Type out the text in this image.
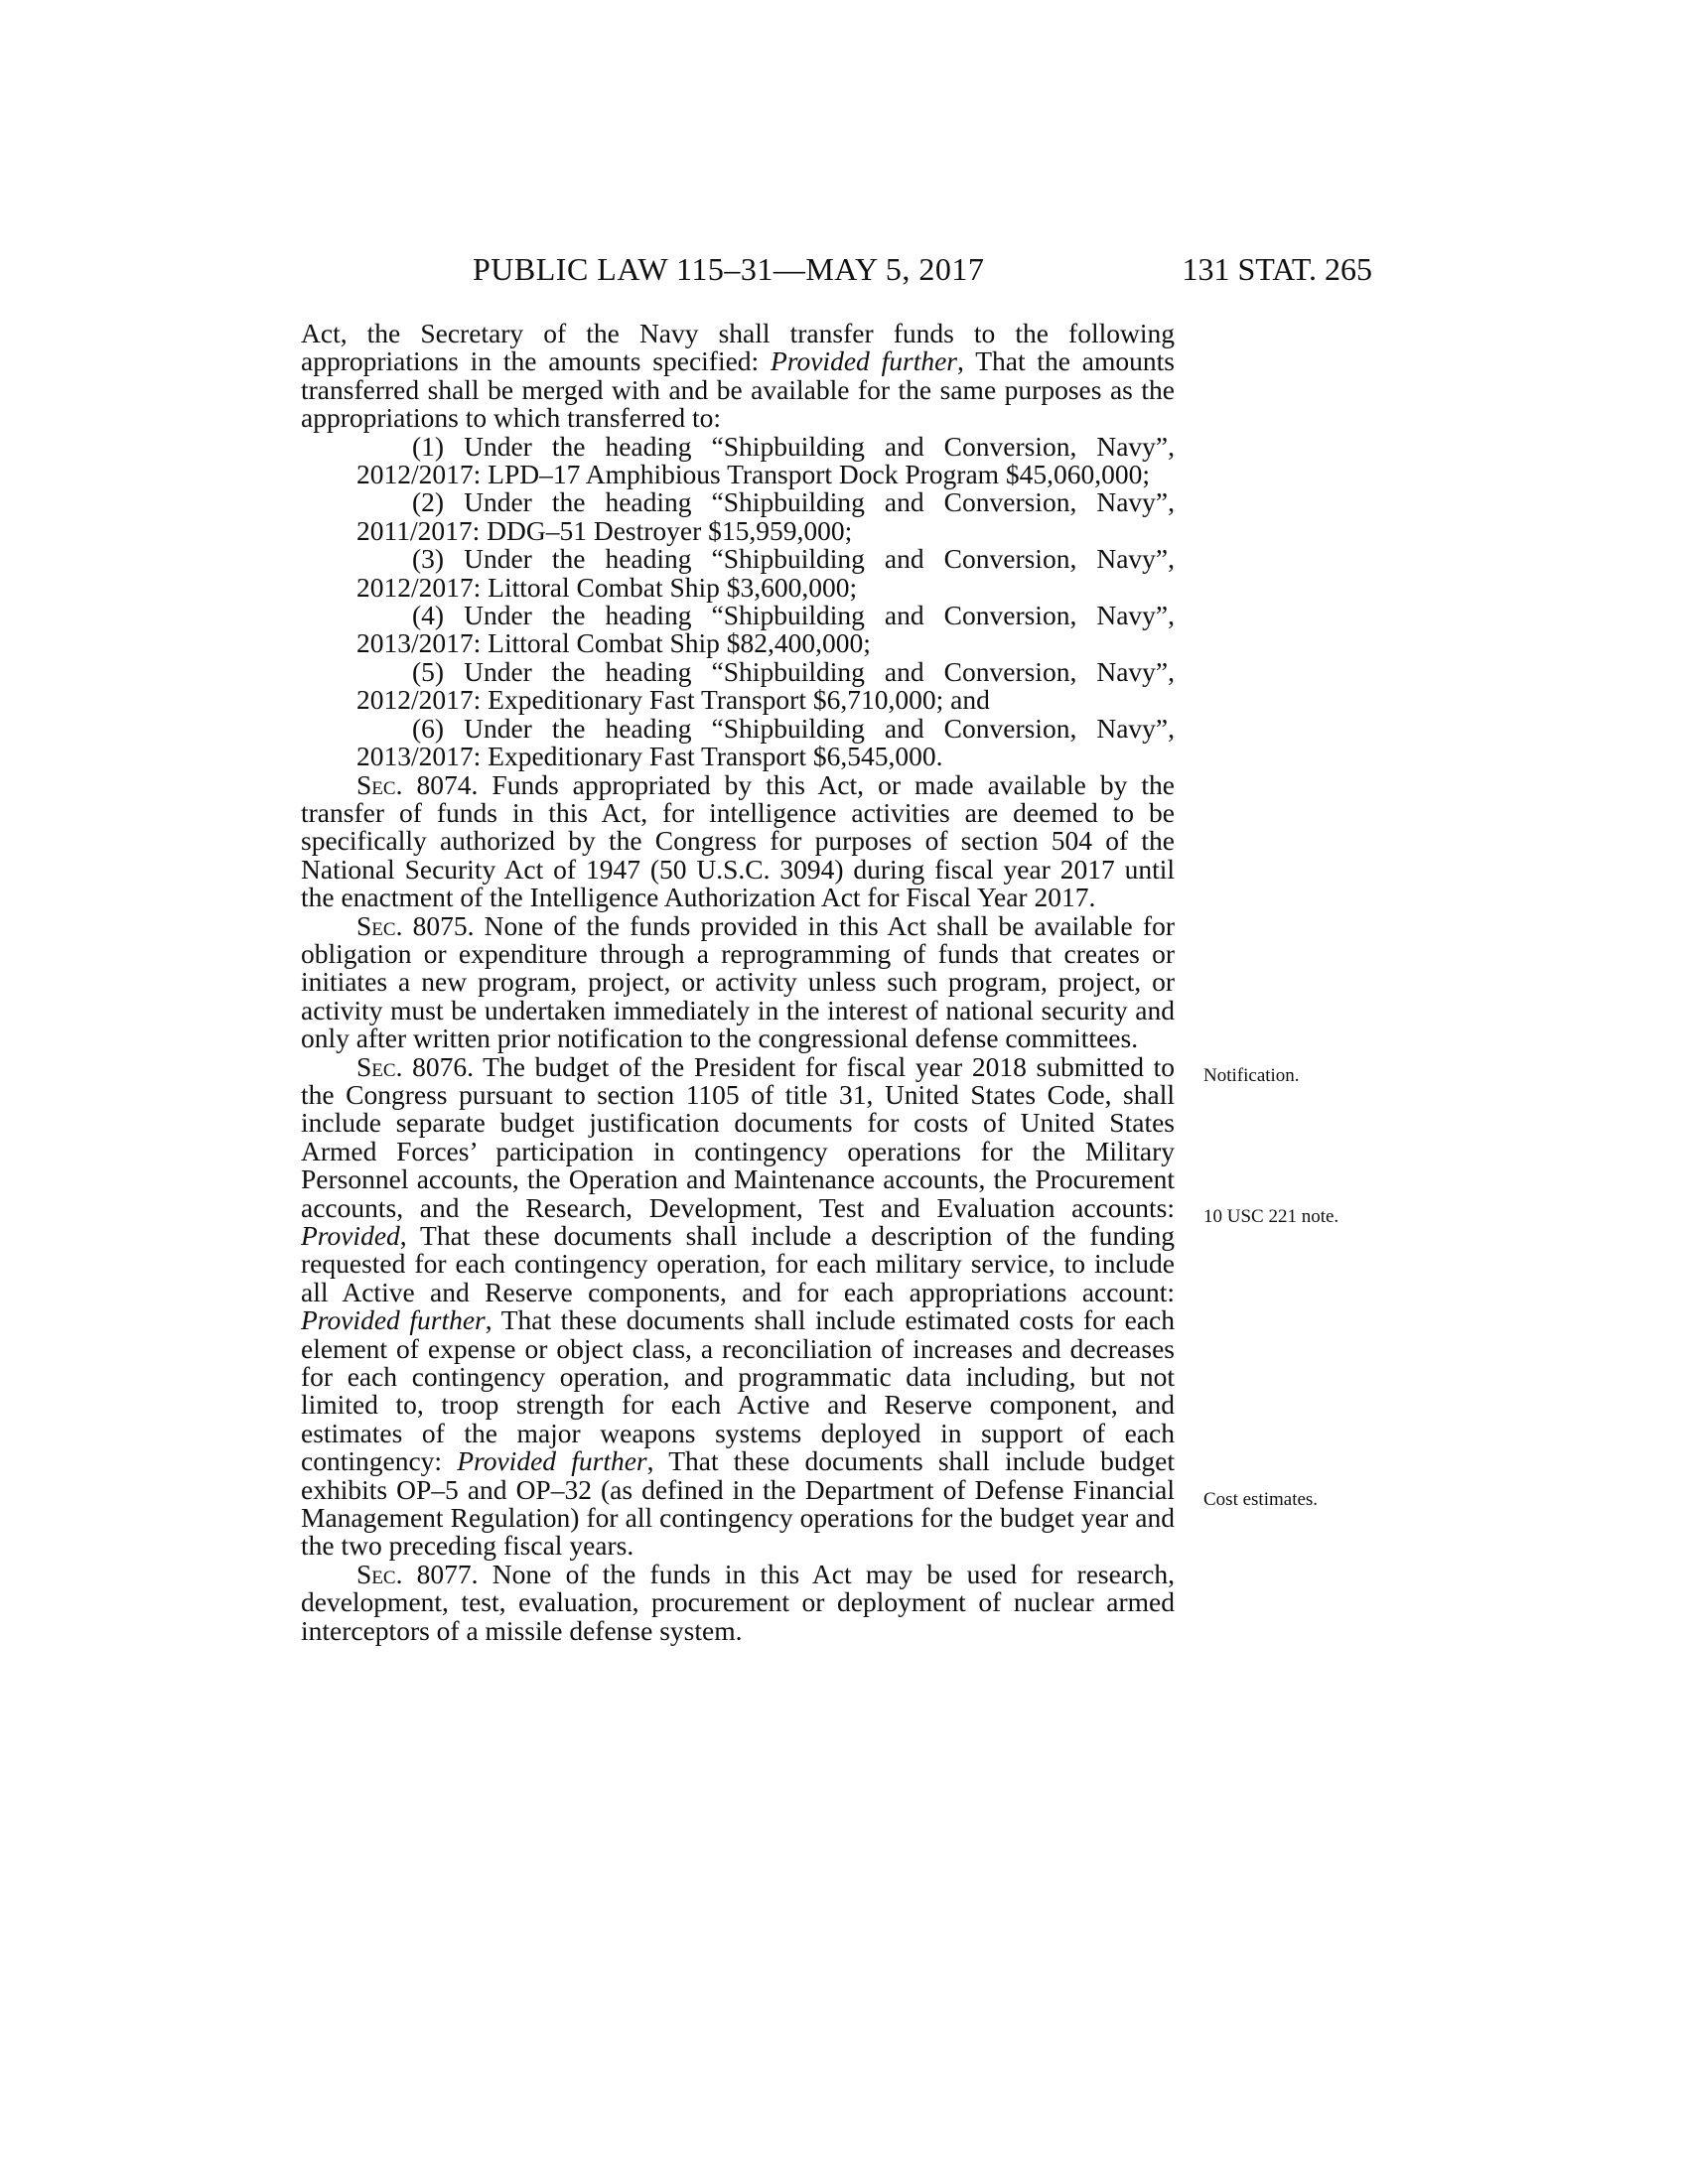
PUBLIC LAW 115–31—MAY 5, 2017	131 STAT. 265

Act, the Secretary of the Navy shall transfer funds to the following appropriations in the amounts specified: Provided further, That the amounts transferred shall be merged with and be available for the same purposes as the appropriations to which transferred to:

(1) Under the heading “Shipbuilding and Conversion, Navy”, 2012/2017: LPD–17 Amphibious Transport Dock Program $45,060,000;

(2) Under the heading “Shipbuilding and Conversion, Navy”, 2011/2017: DDG–51 Destroyer $15,959,000;

(3) Under the heading “Shipbuilding and Conversion, Navy”, 2012/2017: Littoral Combat Ship $3,600,000;

(4) Under the heading “Shipbuilding and Conversion, Navy”, 2013/2017: Littoral Combat Ship $82,400,000;

(5) Under the heading “Shipbuilding and Conversion, Navy”, 2012/2017: Expeditionary Fast Transport $6,710,000; and

(6) Under the heading “Shipbuilding and Conversion, Navy”, 2013/2017: Expeditionary Fast Transport $6,545,000.

Sec. 8074. Funds appropriated by this Act, or made available by the transfer of funds in this Act, for intelligence activities are deemed to be specifically authorized by the Congress for purposes of section 504 of the National Security Act of 1947 (50 U.S.C. 3094) during fiscal year 2017 until the enactment of the Intelligence Authorization Act for Fiscal Year 2017.

Sec. 8075. None of the funds provided in this Act shall be available for obligation or expenditure through a reprogramming of funds that creates or initiates a new program, project, or activity unless such program, project, or activity must be undertaken immediately in the interest of national security and only after written prior notification to the congressional defense committees.

Sec. 8076. The budget of the President for fiscal year 2018 submitted to the Congress pursuant to section 1105 of title 31, United States Code, shall include separate budget justification documents for costs of United States Armed Forces’ participation in contingency operations for the Military Personnel accounts, the Operation and Maintenance accounts, the Procurement accounts, and the Research, Development, Test and Evaluation accounts: Provided, That these documents shall include a description of the funding requested for each contingency operation, for each military service, to include all Active and Reserve components, and for each appropriations account: Provided further, That these documents shall include estimated costs for each element of expense or object class, a reconciliation of increases and decreases for each contingency operation, and programmatic data including, but not limited to, troop strength for each Active and Reserve component, and estimates of the major weapons systems deployed in support of each contingency: Provided further, That these documents shall include budget exhibits OP–5 and OP–32 (as defined in the Department of Defense Financial Management Regulation) for all contingency operations for the budget year and the two preceding fiscal years.

Sec. 8077. None of the funds in this Act may be used for research, development, test, evaluation, procurement or deployment of nuclear armed interceptors of a missile defense system.

Notification.
10 USC 221 note.
Cost estimates.
